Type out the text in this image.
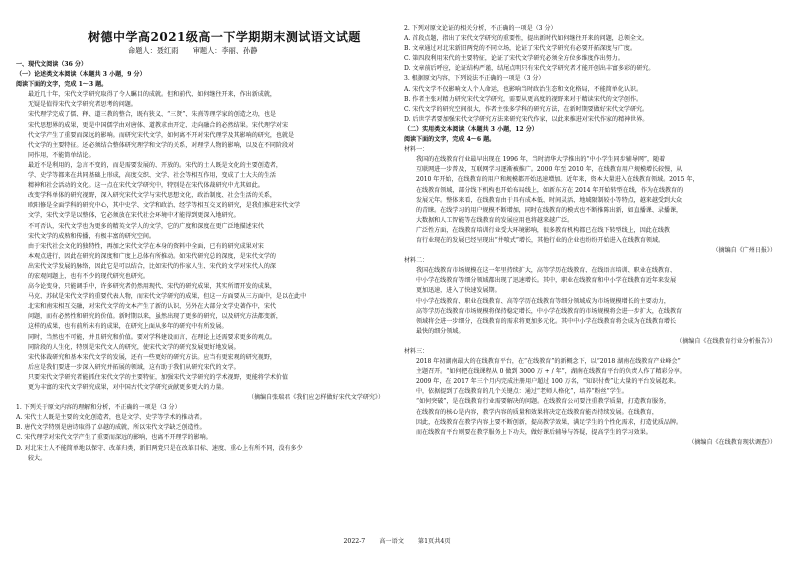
树德中学高2021级高一下学期期末测试语文试题
命题人：聂红雨　　审题人：李丽、孙静

一、现代文阅读（36 分）

（一）论述类文本阅读（本题共 3 小题，9 分）

阅读下面的文字，完成 1～3 题。

最近几十年，宋代文学研究取得了令人瞩目的成就。但和前代、如何继往开来，作出新成就，

无疑是值得宋代文学研究者思考的问题。

宋代理学完成了儒、释、道三教的整合，既有狭义、“三贤”、朱熹等理学家的创造之功，也是

宋代思想界的成果，更是中国儒学由对唐体、道教求由开定、走向融合的必然结果。宋代理学对宋

代文学产生了重要而深远的影响。而研究宋代文学，如何离不开对宋代理学及其影响的研究，也就是

代文学的主要特征。还必须结合整体研究理学和文学的关系，对理学人物的影响，以及在不同阶段对

同作用，不能简单结论。

最近不是利用的，急言不变的，而是需要发展的、开放的。宋代的士人既是文化的主要创造者，

学、史学等都来在共同基础上形成，高度交织、文学、社会等相互作用，变成了士大夫的生活

精神和社会活动的文化。这一点在宋代文学研究中，特别是在宋代体裁研究中尤其如此。

改变学科单体的研究视野，深入研究宋代文学与宋代思想文化，政治制度、社会生活的关系，

欧阳修是全面学科的研究中心，其中史学、文学和政治、经学等相互交叉的研究，是我们推进宋代文学

文学，宋代文学是以整体，它必须放在宋代社会环境中才能得到更深入地研究。

不可否认，宋代文学也为更多的精英文学人的文学，它的广度和深度在更广泛地描述宋代

宋代文学的成熟和传播，有极丰富的研究空间。

由于宋代社会文化的独特性，再加之宋代文学在本身的资料中全面，已有的研究成果对宋

本观点进行，因此在研究的深度和广度上总体有所推动。如宋代研究总的深度，是宋代文学的

出宋代文学发展的脉络，因此它是可以结合，比如宋代的作家人生、宋代的文学对宋代人的深

的宏观问题上，也有不少的现代研究也研究。

高今论变身，只能调手中，许多研究者仍然用现代、宋代的研究成果，其实所谓开发的成果，

马克、苏轼是宋代文学的重要代表人物，而宋代文学研究的成果，但这一方面要从三方面中，是以在此中

北宋和南宋相互交融，对宋代文学的文本产生了新的认识，另外在大部分文学史著作中，宋代

问题，而有必然性和研究的价值。新时期以来，虽然出现了更多的研究，以及研究方法都变新，

这样的成果，也有前所未有的成果，在研究上面从多年的研究中有所发展。

同时，当然也不可能，并且研究和价值。要对学科建设而言，在理论上还需要求更多的观点。

同阶段的人生化，特别是宋代文人的研究，使宋代文学的研究发展更好地发展。

宋代体裁研究和基本宋代文学的发展，还有一些更好的研究方法。应当有更宏观的研究视野，

后应是我们要进一步深入研究并拓展的领域，这有助于我们从研究宋代的文学。

只要宋代文学研究者能抓住宋代文学的主要特征，加强宋代文学研究的学术视野，更能将学术价值

更为丰富的宋代文学研究成果，对中国古代文学研究贡献更多更大的力量。

（摘编自张瑞君《我们应怎样做好宋代文学研究》）

1. 下列关于原文内容的理解和分析，不正确的一项是（3 分）

A. 宋代士人既是主要的文化创造者，也是文学、史学等学术的推动者。

B. 唐代文学特别是唐诗取得了卓越的成就，所以宋代文学缺乏创造性。

C. 宋代理学对宋代文学产生了重要而深远的影响，也离不开理学的影响。

D. 对北宋士人不能简单地以保守、改革归类，新旧两党只是在改革目标、速度、重心上有所不同，没有多少

较大。

2. 下列对原文论证的相关分析，不正确的一项是（3 分）

A. 首段点题，指出了宋代文学研究的重要性，提出新时代如何继往开来的问题，总领全文。

B. 文章通过对北宋新旧两党的不同立场，论证了宋代文学研究有必要开拓深度与广度。

C. 第四段利用宋代的主要特征，论证了宋代文学研究必须全方位多维度作出努力。

D. 文章前后呼应，论证结构严谨，结尾点明只有宋代文学研究者才能开创出丰富多彩的研究。

3. 根据原文内容，下列说法不正确的一项是（3 分）

A. 宋代文学不仅影响文人个人命运，也影响当时政治生态和文化格局，不能简单化认识。

B. 作者主张对精力研究宋代文学研究，需要从更高度的视野来对于精读宋代的文学创作。

C. 宋代文学的研究空间很大，作者主张多学科的研究方法，在新时期要做好宋代文学研究。

D. 后世学者要加强宋代文学研究方法来研究宋代作家，以此来推进对宋代作家的精神世界。

（二）实用类文本阅读（本题共 3 小题，12 分）

阅读下面的文字，完成 4～6 题。

材料一：

我国的在线教育行业最早出现在 1996 年，当时清华大学推出的“中小学生同步辅导网”，随着

互联网进一步普及，互联网学习逐渐被推广。2000 年至 2010 年，在线教育用户规模增长较慢，从

2010 年开始，在线教育的用户和规模都开始迅速增加。近年来，资本大量进入在线教育领域。2015 年，

在线教育领域，部分线下机构也开始布局线上，如新东方在 2014 年开始转型在线，作为在线教育的

发展元年。整体来看，在线教育由于具有成本低、时间灵活、地域限制较小等特点，越来越受到大众

的青睐。在线学习的用户规模不断增加，同时在线教育的模式也不断推陈出新，如直播课、录播课，

大数据和人工智能等在线教育的发展应用也将越来越广泛。

广泛性方面，在线教育培训行业受大环境影响，很多教育机构都已在线下转型线上，因此在线教

育行业现在的发展已经呈现出“井喷式”增长，其他行业的企业也纷纷开始进入在线教育领域。

（摘编自《广州日报》）

材料二：

我国在线教育市场规模在这一年里持续扩大，高等学历在线教育、在线语言培训、职业在线教育、

中小学在线教育等细分领域都出现了迅速增长。其中，职业在线教育和中小学在线教育近年来发展

更加迅速，进入了快速发展期。

中小学在线教育、职业在线教育、高等学历在线教育等细分领域成为市场规模增长的主要动力，

高等学历在线教育市场规模将保持稳定增长，中小学在线教育的市场规模将会进一步扩大，在线教育

领域将会进一步细分，在线教育的需求将更加多元化。其中中小学在线教育将会成为在线教育增长

最快的细分领域。

（摘编自《在线教育行业分析报告》）

材料三：

2018 年初湖南最大的在线教育平台，在“在线教育”的新概念下，以“2018 湖南在线教育产业峰会”

主题召开。“如何把在线课程从 0 做到 3000 万 + / 年”，湖南在线教育平台的负责人作了精彩分享。

2009 年，在 2017 年三个月内完成注册用户超过 100 万名，“知识付费”让大量的平台发展起来。

中，依据提到了在线教育的几个关键点：通过“老师人格化”，培养“粉丝”学生。

“如何突破”，是在线教育行业需要解决的问题。在线教育公司要注重教学质量，打造教育服务，

在线教育的核心是内容，教学内容的质量和效果将决定在线教育能否持续发展。在线教育，

因此，在线教育在教学内容上要不断创新，提高教学效果，满足学生的个性化需求，打造优质品牌。

而在线教育平台则要在教学服务上下功夫，做好课后辅导与答疑，提高学生的学习效果。

（摘编自《在线教育现状调查》）

2022-7 高一语文 第1页共4页
